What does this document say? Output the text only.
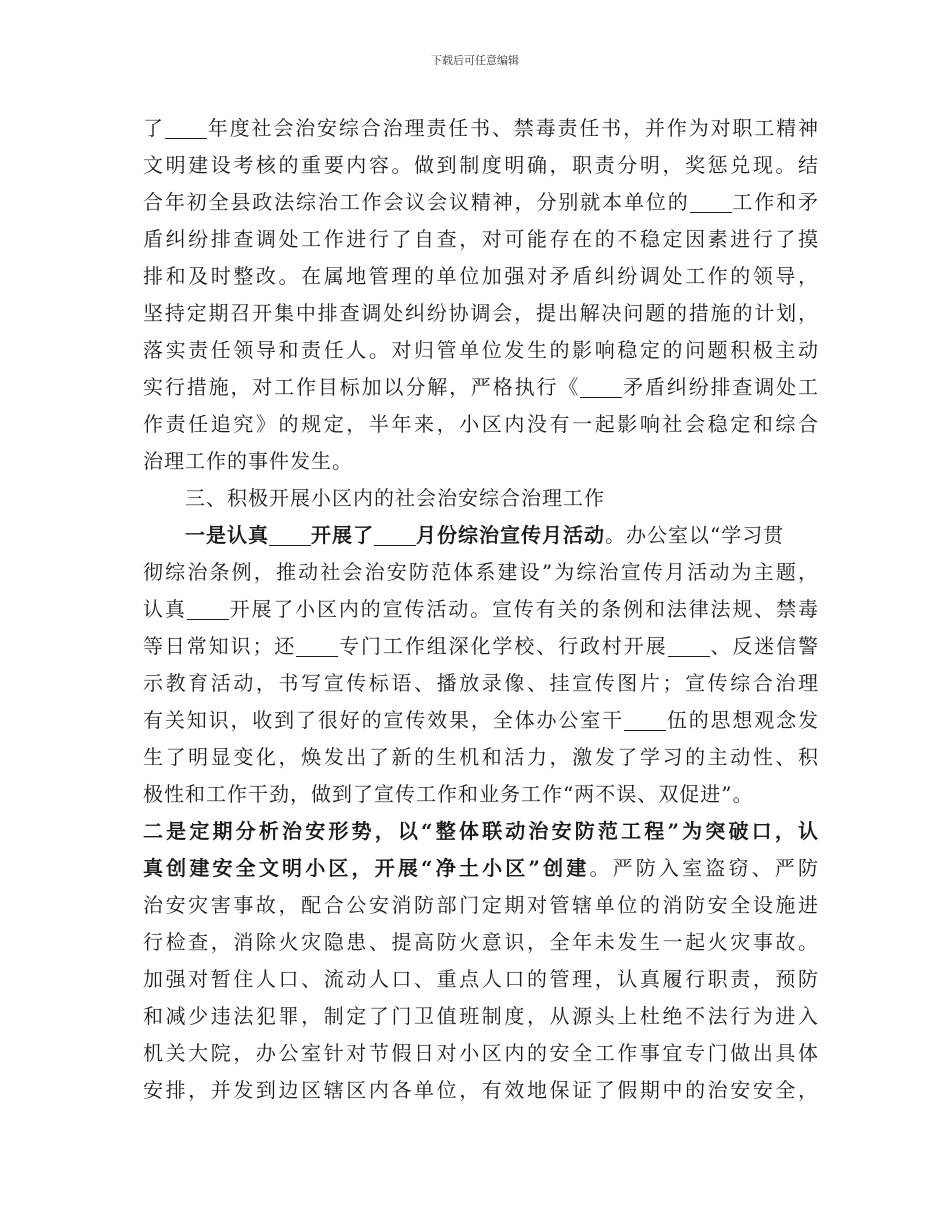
下载后可任意编辑
了 年度社会治安综合治理责任书、禁毒责任书，并作为对职工精神
文明建设考核的重要内容。做到制度明确，职责分明，奖惩兑现。结
合年初全县政法综治工作会议会议精神，分别就本单位的 工作和矛
盾纠纷排查调处工作进行了自查，对可能存在的不稳定因素进行了摸
排和及时整改。在属地管理的单位加强对矛盾纠纷调处工作的领导，
坚持定期召开集中排查调处纠纷协调会，提出解决问题的措施的计划，
落实责任领导和责任人。对归管单位发生的影响稳定的问题积极主动
实行措施，对工作目标加以分解，严格执行《 矛盾纠纷排查调处工
作责任追究》的规定，半年来，小区内没有一起影响社会稳定和综合
治理工作的事件发生。
三、积极开展小区内的社会治安综合治理工作
一是认真 开展了 月份综治宣传月活动。办公室以“学习贯
彻综治条例，推动社会治安防范体系建设”为综治宣传月活动为主题，
认真 开展了小区内的宣传活动。宣传有关的条例和法律法规、禁毒
等日常知识；还 专门工作组深化学校、行政村开展 、反迷信警
示教育活动，书写宣传标语、播放录像、挂宣传图片；宣传综合治理
有关知识，收到了很好的宣传效果，全体办公室干 伍的思想观念发
生了明显变化，焕发出了新的生机和活力，激发了学习的主动性、积
极性和工作干劲，做到了宣传工作和业务工作“两不误、双促进”。
二是定期分析治安形势，以“整体联动治安防范工程”为突破口，认
真创建安全文明小区，开展“净土小区”创建。严防入室盗窃、严防
治安灾害事故，配合公安消防部门定期对管辖单位的消防安全设施进
行检查，消除火灾隐患、提高防火意识，全年未发生一起火灾事故。
加强对暂住人口、流动人口、重点人口的管理，认真履行职责，预防
和减少违法犯罪，制定了门卫值班制度，从源头上杜绝不法行为进入
机关大院，办公室针对节假日对小区内的安全工作事宜专门做出具体
安排，并发到边区辖区内各单位，有效地保证了假期中的治安安全，
